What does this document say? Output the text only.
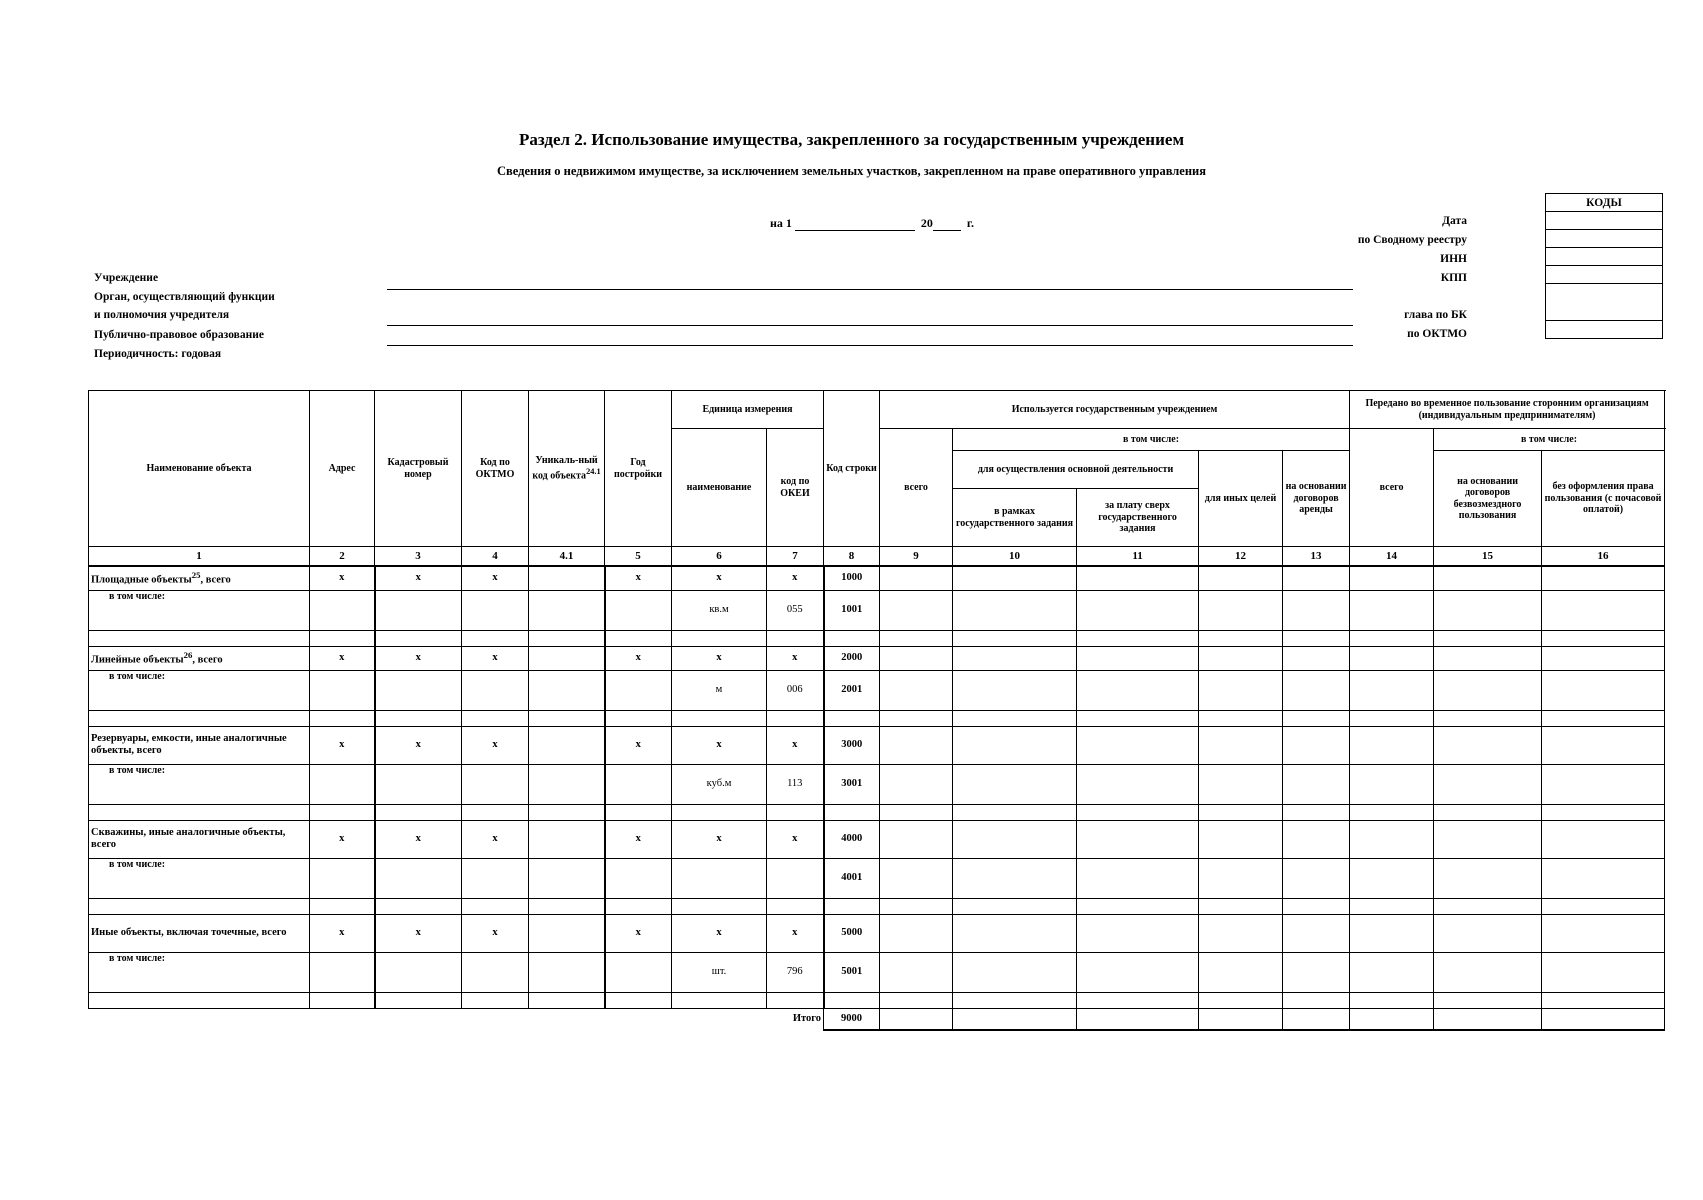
Раздел 2. Использование имущества, закрепленного за государственным учреждением
Сведения о недвижимом имуществе, за исключением земельных участков, закрепленном на праве оперативного управления
на 1	20	г.
Учреждение
Орган, осуществляющий функции
и полномочия учредителя
Публично-правовое образование
Периодичность: годовая
Дата
по Сводному реестру
ИНН
КПП
глава по БК
по ОКТМО
КОДЫ

Наименование объекта	Адрес	Кадастровый номер	Код по ОКТМО	Уникаль-ный код объекта$^{24.1}$	Год постройки	Единица измерения		Код строки	Используется государственным учреждением					Передано во временное пользование сторонним организациям (индивидуальным предпринимателям)		
						наименование	код по ОКЕИ		всего	в том числе:				всего	в том числе:	
										для осуществления основной деятельности		для иных целей	на основании договоров аренды		на основании договоров безвозмездного пользования	без оформления права пользования (с почасовой оплатой)
										в рамках государственного задания	за плату сверх государственного задания					
1	2	3	4	4.1	5	6	7	8	9	10	11	12	13	14	15	16
Площадные объекты$^{25}$, всего	х	х	х		х	х	х	1000								
в том числе:						кв.м	055	1001								

Линейные объекты$^{26}$, всего	х	х	х		х	х	х	2000								
в том числе:						м	006	2001								

Резервуары, емкости, иные аналогичные объекты, всего	х	х	х		х	х	х	3000								
в том числе:						куб.м	113	3001								

Скважины, иные аналогичные объекты, всего	х	х	х		х	х	х	4000								
в том числе:								4001								

Иные объекты, включая точечные, всего	х	х	х		х	х	х	5000								
в том числе:						шт.	796	5001								

							Итого	9000								
